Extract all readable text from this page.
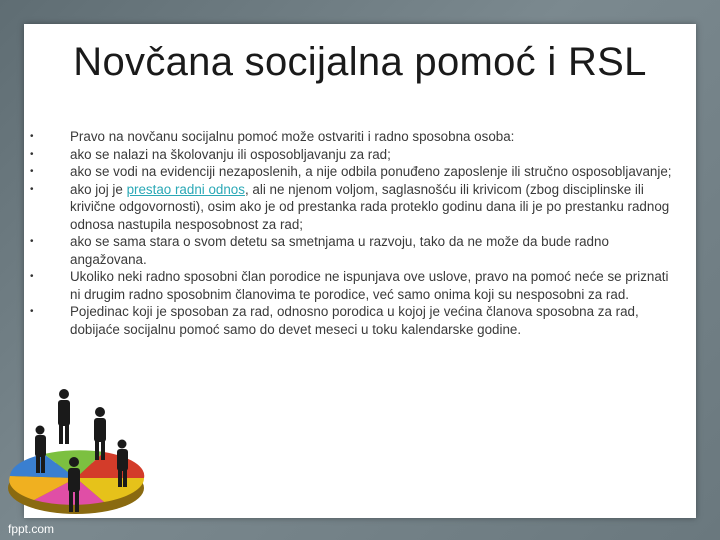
Novčana socijalna pomoć i RSL
•	Pravo na novčanu socijalnu pomoć može ostvariti i radno sposobna osoba:
•	ako se nalazi na školovanju ili osposobljavanju za rad;
•	ako se vodi na evidenciji nezaposlenih, a nije odbila ponuđeno zaposlenje ili stručno osposobljavanje;
•	ako joj je prestao radni odnos, ali ne njenom voljom, saglasnošću ili krivicom (zbog disciplinske ili krivične odgovornosti), osim ako je od prestanka rada proteklo godinu dana ili je po prestanku radnog odnosa nastupila nesposobnost za rad;
•	ako se sama stara o svom detetu sa smetnjama u razvoju, tako da ne može da bude radno angažovana.
•	Ukoliko neki radno sposobni član porodice ne ispunjava ove uslove, pravo na pomoć neće se priznati ni drugim radno sposobnim članovima te porodice, već samo onima koji su nesposobni za rad.
•	Pojedinac koji je sposoban za rad, odnosno porodica u kojoj je većina članova sposobna za rad, dobijaće socijalnu pomoć samo do devet meseci u toku kalendarske godine.
fppt.com
